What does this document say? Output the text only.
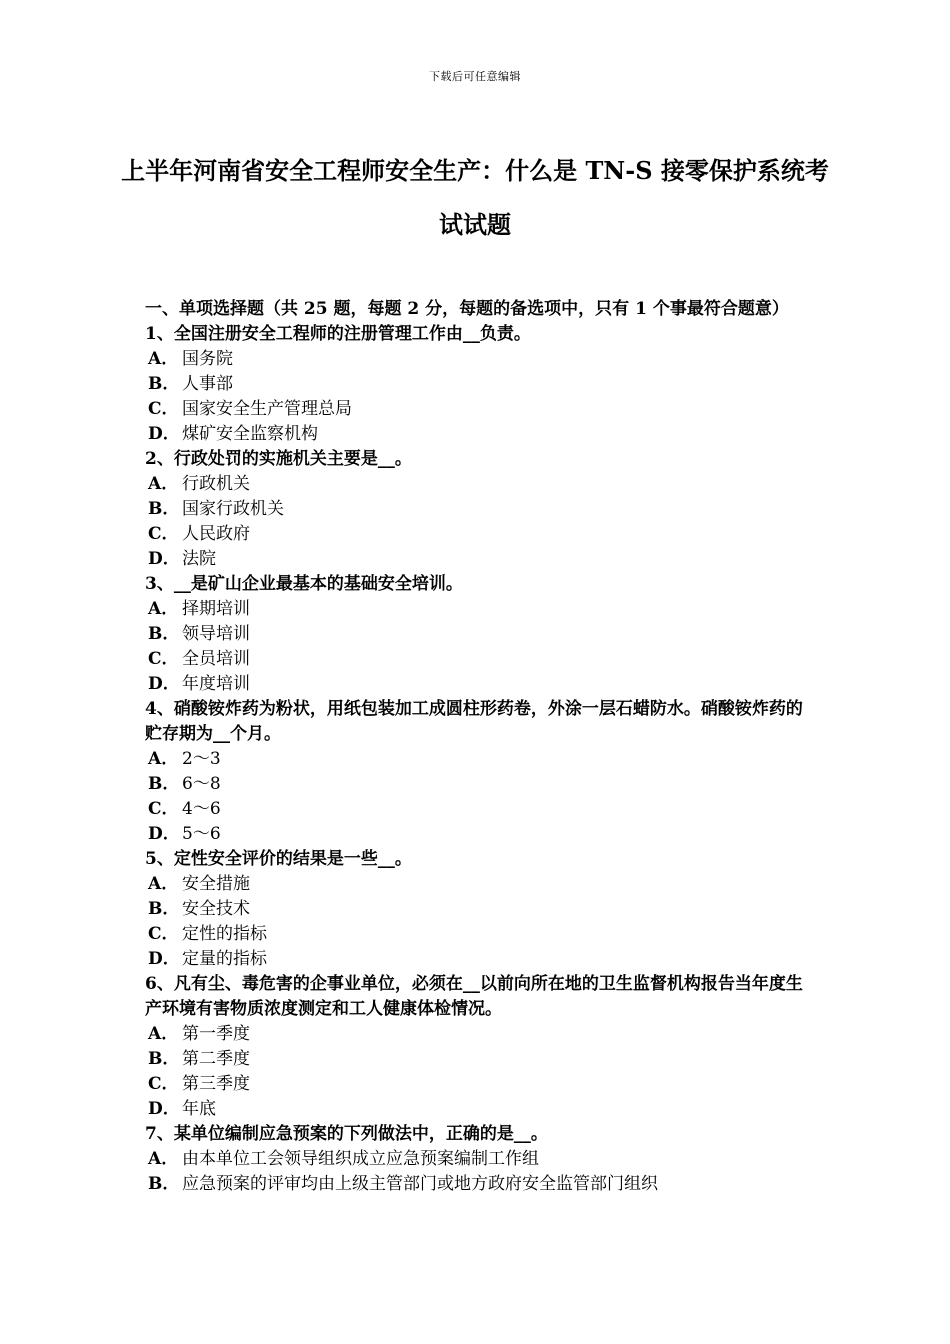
下载后可任意编辑
上半年河南省安全工程师安全生产：什么是 TN-S 接零保护系统考试试题

一、单项选择题（共 25 题，每题 2 分，每题的备选项中，只有 1 个事最符合题意）

1、全国注册安全工程师的注册管理工作由__负责。

A． 国务院

B． 人事部

C． 国家安全生产管理总局

D． 煤矿安全监察机构

2、行政处罚的实施机关主要是__。

A． 行政机关

B． 国家行政机关

C． 人民政府

D． 法院

3、__是矿山企业最基本的基础安全培训。

A． 择期培训

B． 领导培训

C． 全员培训

D． 年度培训

4、硝酸铵炸药为粉状，用纸包装加工成圆柱形药卷，外涂一层石蜡防水。硝酸铵炸药的贮存期为__个月。

A． 2～3

B． 6～8

C． 4～6

D． 5～6

5、定性安全评价的结果是一些__。

A． 安全措施

B． 安全技术

C． 定性的指标

D． 定量的指标

6、凡有尘、毒危害的企事业单位，必须在__以前向所在地的卫生监督机构报告当年度生产环境有害物质浓度测定和工人健康体检情况。

A． 第一季度

B． 第二季度

C． 第三季度

D． 年底

7、某单位编制应急预案的下列做法中，正确的是__。

A． 由本单位工会领导组织成立应急预案编制工作组

B． 应急预案的评审均由上级主管部门或地方政府安全监管部门组织
